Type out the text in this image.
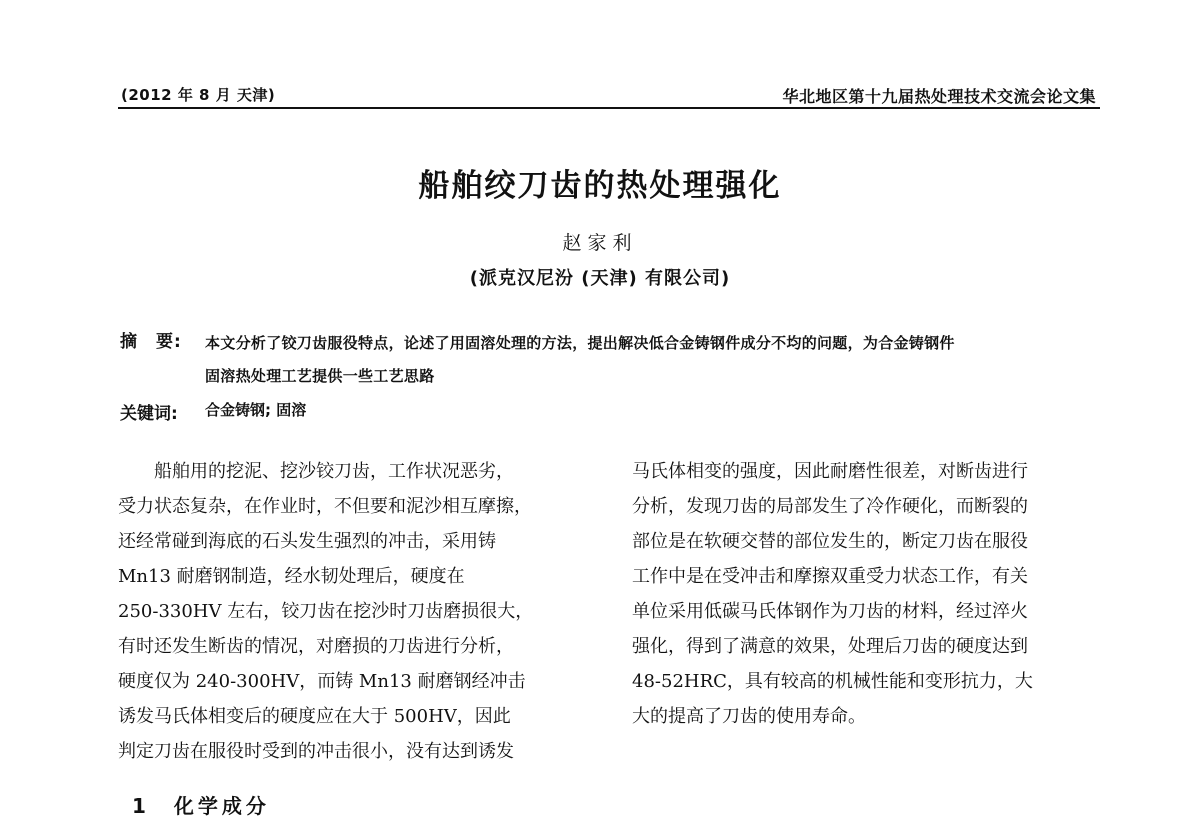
(2012 年 8 月 天津)	华北地区第十九届热处理技术交流会论文集
船舶绞刀齿的热处理强化
赵家利
(派克汉尼汾 (天津) 有限公司)
摘　要: 本文分析了铰刀齿服役特点，论述了用固溶处理的方法，提出解决低合金铸钢件成分不均的问题，为合金铸钢件
固溶热处理工艺提供一些工艺思路
关键词: 合金铸钢; 固溶
　　船舶用的挖泥、挖沙铰刀齿，工作状况恶劣，
受力状态复杂，在作业时，不但要和泥沙相互摩擦，
还经常碰到海底的石头发生强烈的冲击，采用铸
Mn13 耐磨钢制造，经水韧处理后，硬度在
250-330HV 左右，铰刀齿在挖沙时刀齿磨损很大，
有时还发生断齿的情况，对磨损的刀齿进行分析，
硬度仅为 240-300HV，而铸 Mn13 耐磨钢经冲击
诱发马氏体相变后的硬度应在大于 500HV，因此
判定刀齿在服役时受到的冲击很小，没有达到诱发
马氏体相变的强度，因此耐磨性很差，对断齿进行
分析，发现刀齿的局部发生了冷作硬化，而断裂的
部位是在软硬交替的部位发生的，断定刀齿在服役
工作中是在受冲击和摩擦双重受力状态工作，有关
单位采用低碳马氏体钢作为刀齿的材料，经过淬火
强化，得到了满意的效果，处理后刀齿的硬度达到
48-52HRC，具有较高的机械性能和变形抗力，大
大的提高了刀齿的使用寿命。
1　化学成分
